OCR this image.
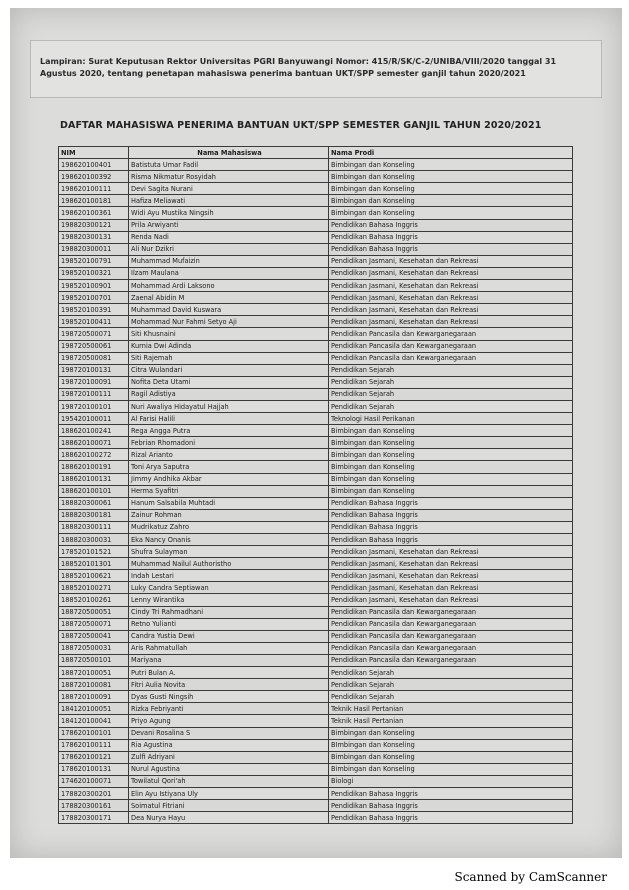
Lampiran: Surat Keputusan Rektor Universitas PGRI Banyuwangi Nomor: 415/R/SK/C-2/UNIBA/VIII/2020 tanggal 31 Agustus 2020, tentang penetapan mahasiswa penerima bantuan UKT/SPP semester ganjil tahun 2020/2021
DAFTAR MAHASISWA PENERIMA BANTUAN UKT/SPP SEMESTER GANJIL TAHUN 2020/2021
NIM	Nama Mahasiswa	Nama Prodi
198620100401	Batistuta Umar Fadil	Bimbingan dan Konseling
198620100392	Risma Nikmatur Rosyidah	Bimbingan dan Konseling
198620100111	Devi Sagita Nurani	Bimbingan dan Konseling
198620100181	Hafiza Meliawati	Bimbingan dan Konseling
198620100361	Widi Ayu Mustika Ningsih	Bimbingan dan Konseling
198820300121	Prila Arwiyanti	Pendidikan Bahasa Inggris
198820300131	Renda Nadi	Pendidikan Bahasa Inggris
198820300011	Ali Nur Dzikri	Pendidikan Bahasa Inggris
198520100791	Muhammad Mufaizin	Pendidikan Jasmani, Kesehatan dan Rekreasi
198520100321	Ilzam Maulana	Pendidikan Jasmani, Kesehatan dan Rekreasi
198520100901	Mohammad Ardi Laksono	Pendidikan Jasmani, Kesehatan dan Rekreasi
198520100701	Zaenal Abidin M	Pendidikan Jasmani, Kesehatan dan Rekreasi
198520100391	Muhammad David Kuswara	Pendidikan Jasmani, Kesehatan dan Rekreasi
198520100411	Mohammad Nur Fahmi Setyo Aji	Pendidikan Jasmani, Kesehatan dan Rekreasi
198720500071	Siti Khusnaini	Pendidikan Pancasila dan Kewarganegaraan
198720500061	Kurnia Dwi Adinda	Pendidikan Pancasila dan Kewarganegaraan
198720500081	Siti Rajemah	Pendidikan Pancasila dan Kewarganegaraan
198720100131	Citra Wulandari	Pendidikan Sejarah
198720100091	Nofita Deta Utami	Pendidikan Sejarah
198720100111	Ragil Adistiya	Pendidikan Sejarah
198720100101	Nuri Awaliya Hidayatul Hajjah	Pendidikan Sejarah
195420100011	Al Farisi Halili	Teknologi Hasil Perikanan
188620100241	Rega Angga Putra	Bimbingan dan Konseling
188620100071	Febrian Rhomadoni	Bimbingan dan Konseling
188620100272	Rizal Arianto	Bimbingan dan Konseling
188620100191	Toni Arya Saputra	Bimbingan dan Konseling
188620100131	Jimmy Andhika Akbar	Bimbingan dan Konseling
188620100101	Herma Syafitri	Bimbingan dan Konseling
188820300061	Hanum Salsabila Muhtadi	Pendidikan Bahasa Inggris
188820300181	Zainur Rohman	Pendidikan Bahasa Inggris
188820300111	Mudrikatuz Zahro	Pendidikan Bahasa Inggris
188820300031	Eka Nancy Onanis	Pendidikan Bahasa Inggris
178520101521	Shufra Sulayman	Pendidikan Jasmani, Kesehatan dan Rekreasi
188520101301	Muhammad Nailul Authoristho	Pendidikan Jasmani, Kesehatan dan Rekreasi
188520100621	Indah Lestari	Pendidikan Jasmani, Kesehatan dan Rekreasi
188520100271	Luky Candra Septiawan	Pendidikan Jasmani, Kesehatan dan Rekreasi
188520100261	Lenny Wirantika	Pendidikan Jasmani, Kesehatan dan Rekreasi
188720500051	Cindy Tri Rahmadhani	Pendidikan Pancasila dan Kewarganegaraan
188720500071	Retno Yulianti	Pendidikan Pancasila dan Kewarganegaraan
188720500041	Candra Yustia Dewi	Pendidikan Pancasila dan Kewarganegaraan
188720500031	Aris Rahmatullah	Pendidikan Pancasila dan Kewarganegaraan
188720500101	Mariyana	Pendidikan Pancasila dan Kewarganegaraan
188720100051	Putri Bulan A.	Pendidikan Sejarah
188720100081	Fitri Aulia Novita	Pendidikan Sejarah
188720100091	Dyas Gusti Ningsih	Pendidikan Sejarah
184120100051	Rizka Febriyanti	Teknik Hasil Pertanian
184120100041	Priyo Agung	Teknik Hasil Pertanian
178620100101	Devani Rosalina S	Bimbingan dan Konseling
178620100111	Ria Agustina	BImbingan dan Konseling
178620100121	Zulfi Adriyani	Bimbingan dan Konseling
178620100131	Nurul Agustina	Bimbingan dan Konseling
174620100071	Towilatul Qori'ah	Biologi
178820300201	Elin Ayu Istiyana Uly	Pendidikan Bahasa Inggris
178820300161	Soimatul Fitriani	Pendidikan Bahasa Inggris
178820300171	Dea Nurya Hayu	Pendidikan Bahasa Inggris
Scanned by CamScanner
